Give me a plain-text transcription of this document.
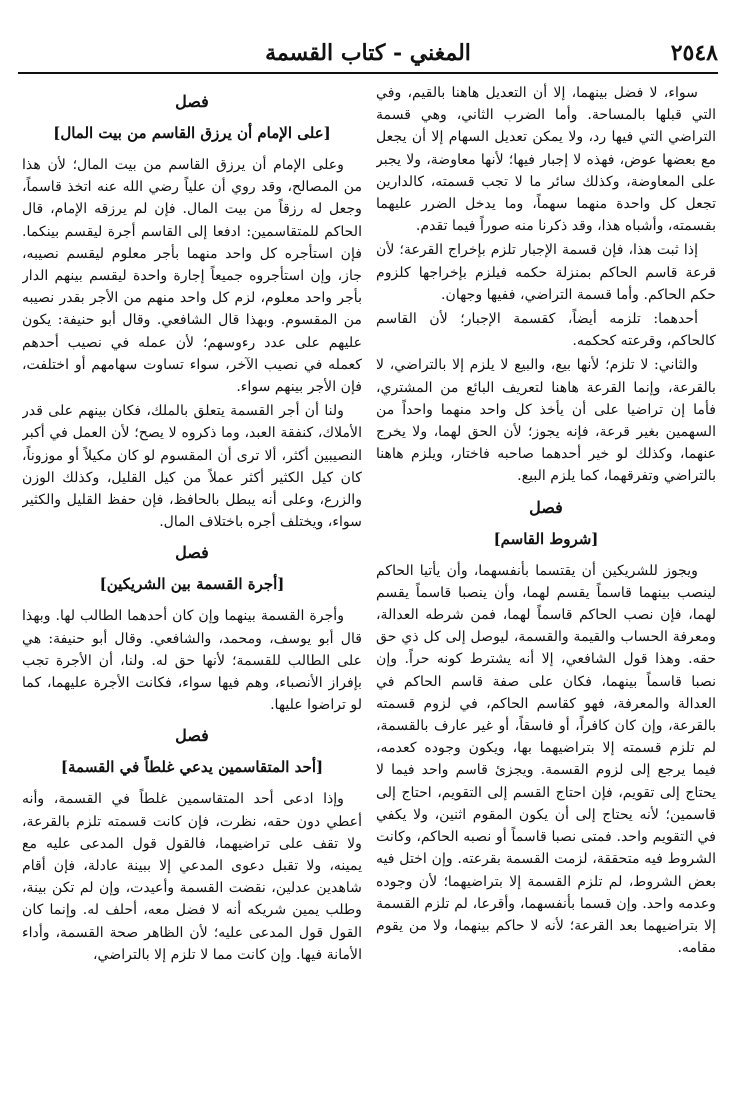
٢٥٤٨
المغني - كتاب القسمة

سواء، لا فضل بينهما، إلا أن التعديل هاهنا بالقيم، وفي التي قبلها بالمساحة. وأما الضرب الثاني، وهي قسمة التراضي التي فيها رد، ولا يمكن تعديل السهام إلا أن يجعل مع بعضها عوض، فهذه لا إجبار فيها؛ لأنها معاوضة، ولا يجبر على المعاوضة، وكذلك سائر ما لا تجب قسمته، كالدارين تجعل كل واحدة منهما سهماً، وما يدخل الضرر عليهما بقسمته، وأشباه هذا، وقد ذكرنا منه صوراً فيما تقدم.

إذا ثبت هذا، فإن قسمة الإجبار تلزم بإخراج القرعة؛ لأن قرعة قاسم الحاكم بمنزلة حكمه فيلزم بإخراجها كلزوم حكم الحاكم. وأما قسمة التراضي، ففيها وجهان.

أحدهما: تلزمه أيضاً، كقسمة الإجبار؛ لأن القاسم كالحاكم، وقرعته كحكمه.

والثاني: لا تلزم؛ لأنها بيع، والبيع لا يلزم إلا بالتراضي، لا بالقرعة، وإنما القرعة هاهنا لتعريف البائع من المشتري، فأما إن تراضيا على أن يأخذ كل واحد منهما واحداً من السهمين بغير قرعة، فإنه يجوز؛ لأن الحق لهما، ولا يخرج عنهما، وكذلك لو خير أحدهما صاحبه فاختار، ويلزم هاهنا بالتراضي وتفرقهما، كما يلزم البيع.

فصل
[شروط القاسم]

ويجوز للشريكين أن يقتسما بأنفسهما، وأن يأتيا الحاكم لينصب بينهما قاسماً يقسم لهما، وأن ينصبا قاسماً يقسم لهما، فإن نصب الحاكم قاسماً لهما، فمن شرطه العدالة، ومعرفة الحساب والقيمة والقسمة، ليوصل إلى كل ذي حق حقه. وهذا قول الشافعي، إلا أنه يشترط كونه حراً. وإن نصبا قاسماً بينهما، فكان على صفة قاسم الحاكم في العدالة والمعرفة، فهو كقاسم الحاكم، في لزوم قسمته بالقرعة، وإن كان كافراً، أو فاسقاً، أو غير عارف بالقسمة، لم تلزم قسمته إلا بتراضيهما بها، ويكون وجوده كعدمه، فيما يرجع إلى لزوم القسمة. ويجزئ قاسم واحد فيما لا يحتاج إلى تقويم، فإن احتاج القسم إلى التقويم، احتاج إلى قاسمين؛ لأنه يحتاج إلى أن يكون المقوم اثنين، ولا يكفي في التقويم واحد. فمتى نصبا قاسماً أو نصبه الحاكم، وكانت الشروط فيه متحققة، لزمت القسمة بقرعته. وإن اختل فيه بعض الشروط، لم تلزم القسمة إلا بتراضيهما؛ لأن وجوده وعدمه واحد. وإن قسما بأنفسهما، وأقرعا، لم تلزم القسمة إلا بتراضيهما بعد القرعة؛ لأنه لا حاكم بينهما، ولا من يقوم مقامه.

فصل
[على الإمام أن يرزق القاسم من بيت المال]

وعلى الإمام أن يرزق القاسم من بيت المال؛ لأن هذا من المصالح، وقد روي أن علياً رضي الله عنه اتخذ قاسماً، وجعل له رزقاً من بيت المال. فإن لم يرزقه الإمام، قال الحاكم للمتقاسمين: ادفعا إلى القاسم أجرة ليقسم بينكما. فإن استأجره كل واحد منهما بأجر معلوم ليقسم نصيبه، جاز، وإن استأجروه جميعاً إجارة واحدة ليقسم بينهم الدار بأجر واحد معلوم، لزم كل واحد منهم من الأجر بقدر نصيبه من المقسوم. وبهذا قال الشافعي. وقال أبو حنيفة: يكون عليهم على عدد رءوسهم؛ لأن عمله في نصيب أحدهم كعمله في نصيب الآخر، سواء تساوت سهامهم أو اختلفت، فإن الأجر بينهم سواء.

ولنا أن أجر القسمة يتعلق بالملك، فكان بينهم على قدر الأملاك، كنفقة العبد، وما ذكروه لا يصح؛ لأن العمل في أكبر النصيبين أكثر، ألا ترى أن المقسوم لو كان مكيلاً أو موزوناً، كان كيل الكثير أكثر عملاً من كيل القليل، وكذلك الوزن والزرع، وعلى أنه يبطل بالحافظ، فإن حفظ القليل والكثير سواء، ويختلف أجره باختلاف المال.

فصل
[أجرة القسمة بين الشريكين]

وأجرة القسمة بينهما وإن كان أحدهما الطالب لها. وبهذا قال أبو يوسف، ومحمد، والشافعي. وقال أبو حنيفة: هي على الطالب للقسمة؛ لأنها حق له. ولنا، أن الأجرة تجب بإفراز الأنصباء، وهم فيها سواء، فكانت الأجرة عليهما، كما لو تراضوا عليها.

فصل
[أحد المتقاسمين يدعي غلطاً في القسمة]

وإذا ادعى أحد المتقاسمين غلطاً في القسمة، وأنه أعطي دون حقه، نظرت، فإن كانت قسمته تلزم بالقرعة، ولا تقف على تراضيهما، فالقول قول المدعى عليه مع يمينه، ولا تقبل دعوى المدعي إلا ببينة عادلة، فإن أقام شاهدين عدلين، نقضت القسمة وأعيدت، وإن لم تكن بينة، وطلب يمين شريكه أنه لا فضل معه، أحلف له. وإنما كان القول قول المدعى عليه؛ لأن الظاهر صحة القسمة، وأداء الأمانة فيها. وإن كانت مما لا تلزم إلا بالتراضي،
